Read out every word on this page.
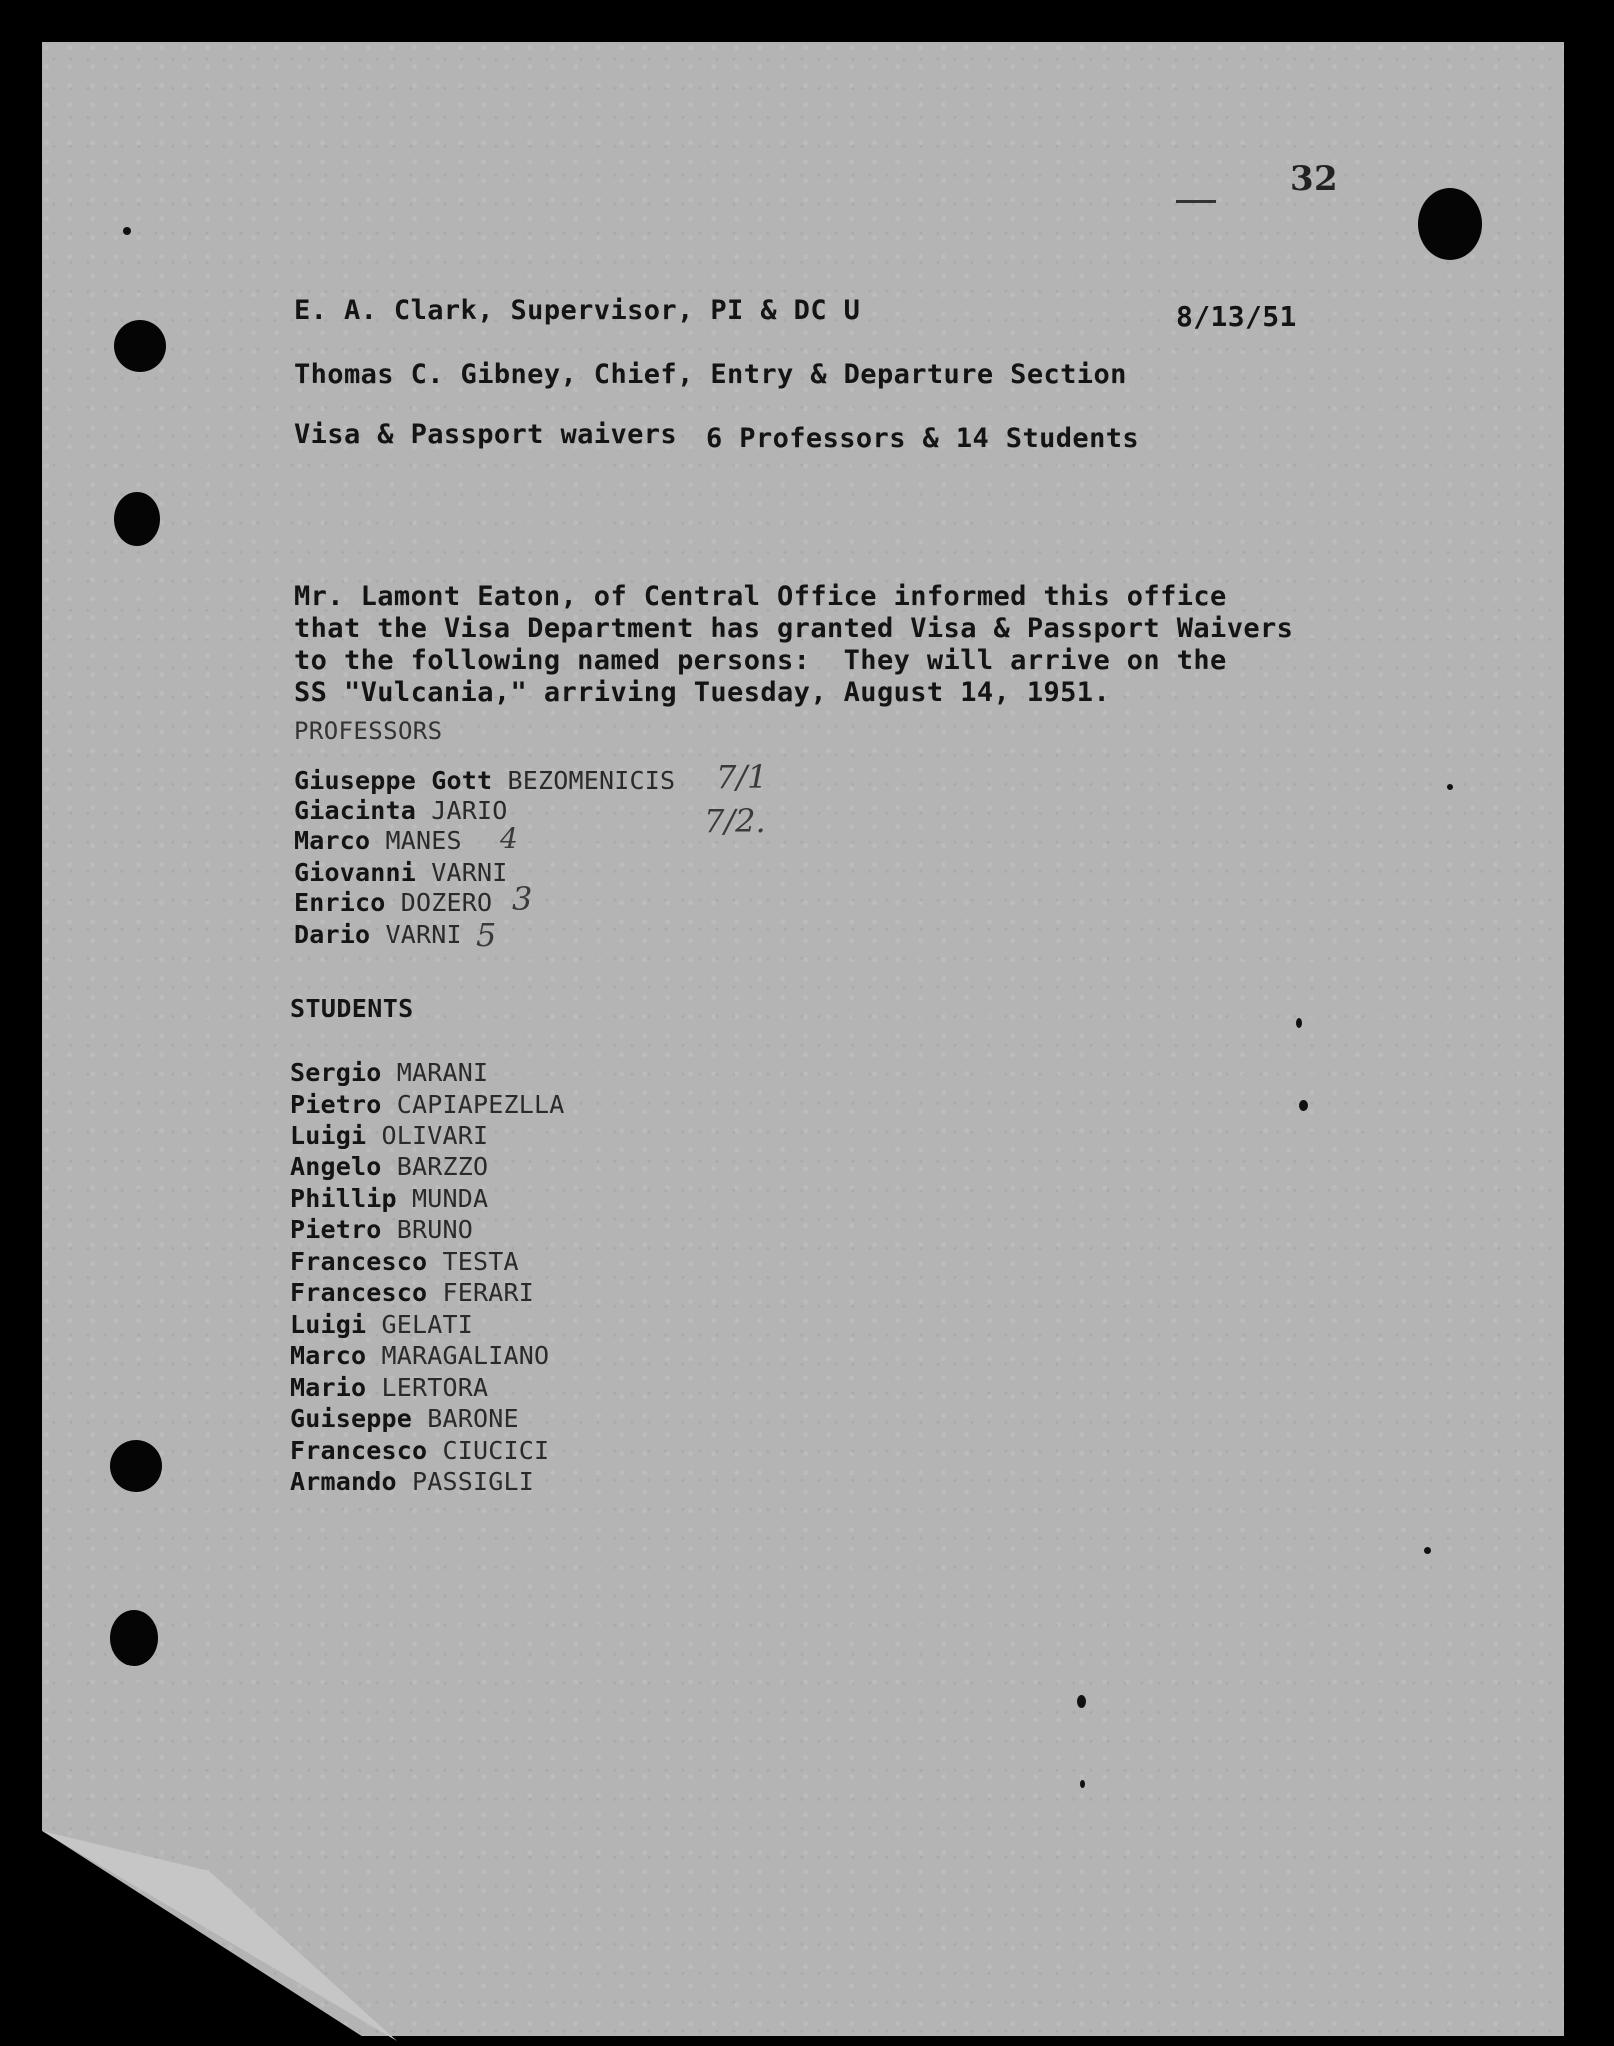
32
E. A. Clark, Supervisor, PI & DC U	8/13/51
Thomas C. Gibney, Chief, Entry & Departure Section
Visa & Passport waivers 6 Professors & 14 Students
Mr. Lamont Eaton, of Central Office informed this office
that the Visa Department has granted Visa & Passport Waivers
to the following named persons:  They will arrive on the
SS "Vulcania," arriving Tuesday, August 14, 1951.
PROFESSORS
Giuseppe Gott BEZOMENICIS
Giacinta JARIO
Marco MANES
Giovanni VARNI
Enrico DOZERO
Dario VARNI
7/1
7/2.
4
3
5
STUDENTS
Sergio MARANI
Pietro CAPIAPEZLLA
Luigi OLIVARI
Angelo BARZZO
Phillip MUNDA
Pietro BRUNO
Francesco TESTA
Francesco FERARI
Luigi GELATI
Marco MARAGALIANO
Mario LERTORA
Guiseppe BARONE
Francesco CIUCICI
Armando PASSIGLI
